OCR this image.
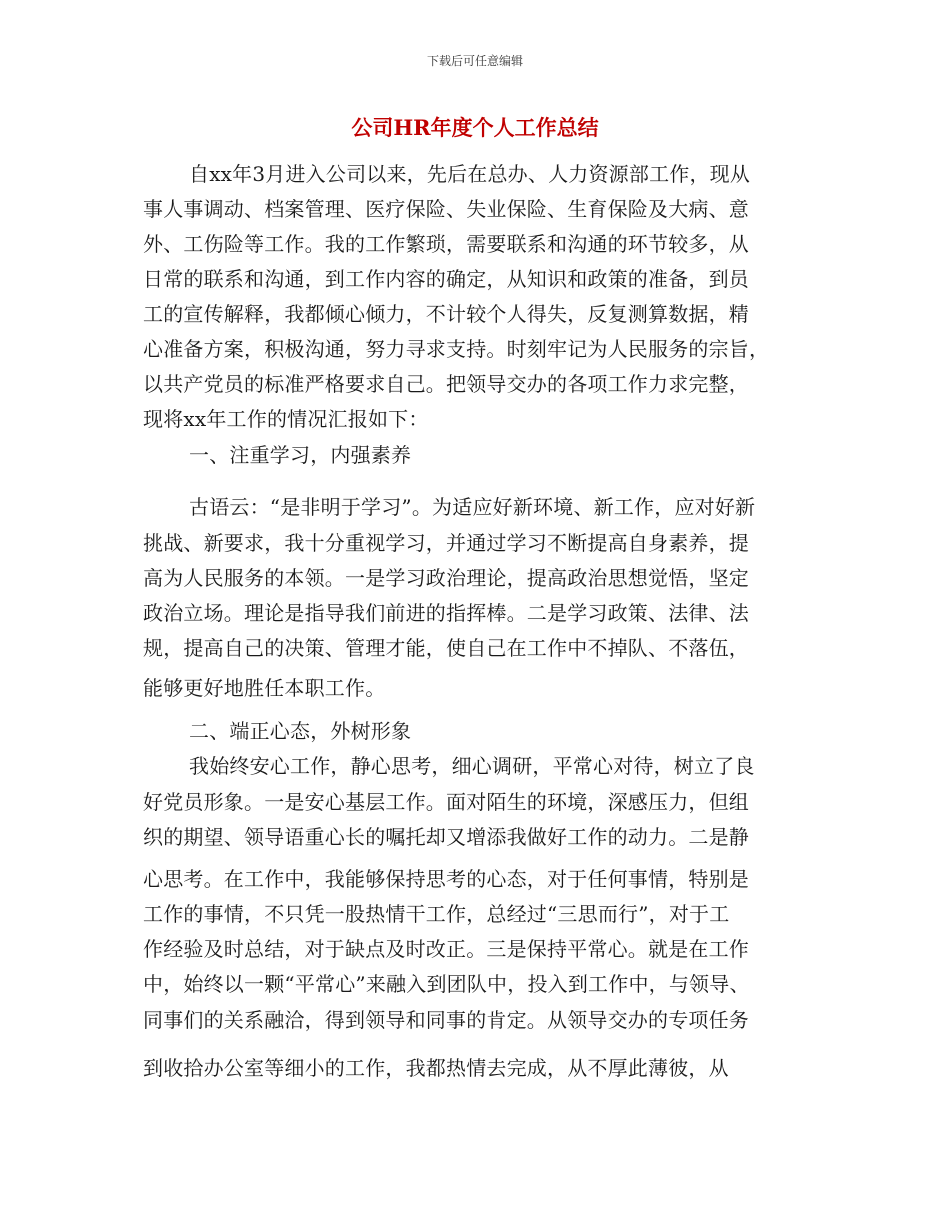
下载后可任意编辑
公司HR年度个人工作总结
自xx年3月进入公司以来，先后在总办、人力资源部工作，现从
事人事调动、档案管理、医疗保险、失业保险、生育保险及大病、意
外、工伤险等工作。我的工作繁琐，需要联系和沟通的环节较多，从
日常的联系和沟通，到工作内容的确定，从知识和政策的准备，到员
工的宣传解释，我都倾心倾力，不计较个人得失，反复测算数据，精
心准备方案，积极沟通，努力寻求支持。时刻牢记为人民服务的宗旨，
以共产党员的标准严格要求自己。把领导交办的各项工作力求完整，
现将xx年工作的情况汇报如下：
一、注重学习，内强素养
古语云：“是非明于学习”。为适应好新环境、新工作，应对好新
挑战、新要求，我十分重视学习，并通过学习不断提高自身素养，提
高为人民服务的本领。一是学习政治理论，提高政治思想觉悟，坚定
政治立场。理论是指导我们前进的指挥棒。二是学习政策、法律、法
规，提高自己的决策、管理才能，使自己在工作中不掉队、不落伍，
能够更好地胜任本职工作。
二、端正心态，外树形象
我始终安心工作，静心思考，细心调研，平常心对待，树立了良
好党员形象。一是安心基层工作。面对陌生的环境，深感压力，但组
织的期望、领导语重心长的嘱托却又增添我做好工作的动力。二是静
心思考。在工作中，我能够保持思考的心态，对于任何事情，特别是
工作的事情，不只凭一股热情干工作，总经过“三思而行”，对于工
作经验及时总结，对于缺点及时改正。三是保持平常心。就是在工作
中，始终以一颗“平常心”来融入到团队中，投入到工作中，与领导、
同事们的关系融洽，得到领导和同事的肯定。从领导交办的专项任务
到收拾办公室等细小的工作，我都热情去完成，从不厚此薄彼，从
